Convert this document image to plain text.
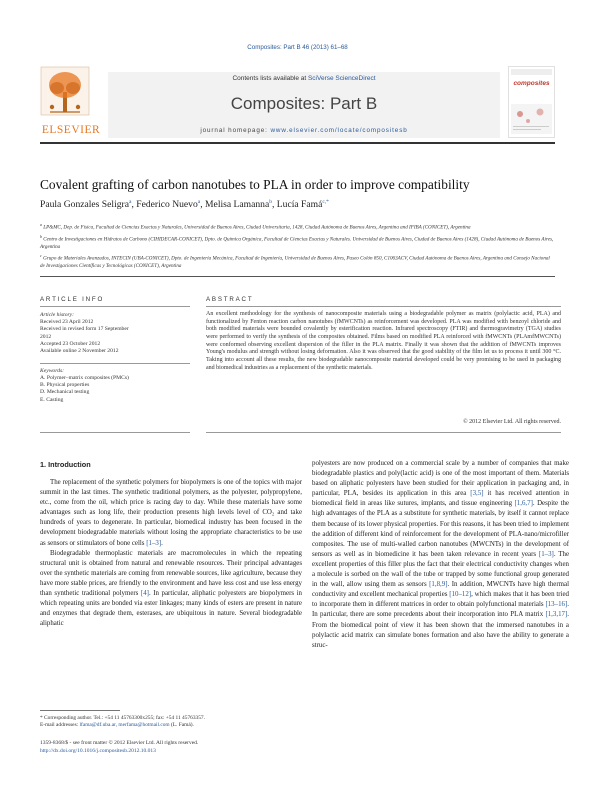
Composites: Part B 46 (2013) 61–68
ELSEVIER
Contents lists available at SciVerse ScienceDirect
Composites: Part B
journal homepage: www.elsevier.com/locate/compositesb
composites
Covalent grafting of carbon nanotubes to PLA in order to improve compatibility
Paula Gonzales Seligra$^a$, Federico Nuevo$^a$, Melisa Lamanna$^b$, Lucía Famá$^{c,*}$
$^a$ LP&MC, Dep. de Física, Facultad de Ciencias Exactas y Naturales, Universidad de Buenos Aires, Ciudad Universitaria, 1428, Ciudad Autónoma de Buenos Aires, Argentina and IFIBA (CONICET), Argentina
$^b$ Centro de Investigaciones en Hidratos de Carbono (CIHIDECAR-CONICET), Dpto. de Química Orgánica, Facultad de Ciencias Exactas y Naturales. Universidad de Buenos Aires, Ciudad de Buenos Aires (1428), Ciudad Autónoma de Buenos Aires, Argentina
$^c$ Grupo de Materiales Avanzados, INTECIN (UBA-CONICET), Dpto. de Ingeniería Mecánica, Facultad de Ingeniería, Universidad de Buenos Aires, Paseo Colón 850, C1063ACV, Ciudad Autónoma de Buenos Aires, Argentina and Consejo Nacional de Investigaciones Científicas y Tecnológicas (CONICET), Argentina
ARTICLE INFO	ABSTRACT
Article history:
Received 23 April 2012
Received in revised form 17 September
2012
Accepted 23 October 2012
Available online 2 November 2012
Keywords:
A. Polymer–matrix composites (PMCs)
B. Physical properties
D. Mechanical testing
E. Casting
An excellent methodology for the synthesis of nanocomposite materials using a biodegradable polymer as matrix (polylactic acid, PLA) and functionalized by Fenton reaction carbon nanotubes (fMWCNTs) as reinforcement was developed. PLA was modified with benzoyl chloride and both modified materials were bounded covalently by esterification reaction. Infrared spectroscopy (FTIR) and thermogravimetry (TGA) studies were performed to verify the synthesis of the composites obtained. Films based on modified PLA reinforced with fMWCNTs (PLAmfMWCNTs) were conformed observing excellent dispersion of the filler in the PLA matrix. Finally it was shown that the addition of fMWCNTs improves Young's modulus and strength without losing deformation. Also it was observed that the good stability of the film let us to process it until 300 °C. Taking into account all these results, the new biodegradable nanocomposite material developed could be very promising to be used in packaging and biomedical industries as a replacement of the synthetic materials.
© 2012 Elsevier Ltd. All rights reserved.
1. Introduction

The replacement of the synthetic polymers for biopolymers is one of the topics with major summit in the last times. The synthetic traditional polymers, as the polyester, polypropylene, etc., come from the oil, which price is racing day to day. While these materials have some advantages such as long life, their production presents high levels level of CO₂ and take hundreds of years to degenerate. In particular, biomedical industry has been focused in the development biodegradable materials without losing the appropriate characteristics to be use as sensors or stimulators of bone cells [1–3].

Biodegradable thermoplastic materials are macromolecules in which the repeating structural unit is obtained from natural and renewable resources. Their principal advantages over the synthetic materials are coming from renewable sources, like agriculture, because they have more stable prices, are friendly to the environment and have less cost and use less energy than synthetic traditional polymers [4]. In particular, aliphatic polyesters are biopolymers in which repeating units are bonded via ester linkages; many kinds of esters are present in nature and enzymes that degrade them, esterases, are ubiquitous in nature. Several biodegradable aliphatic

polyesters are now produced on a commercial scale by a number of companies that make biodegradable plastics and poly(lactic acid) is one of the most important of them. Materials based on aliphatic polyesters have been studied for their application in packaging and, in particular, PLA, besides its application in this area [3,5] it has received attention in biomedical field in areas like sutures, implants, and tissue engineering [1,6,7]. Despite the high advantages of the PLA as a substitute for synthetic materials, by itself it cannot replace them because of its lower physical properties. For this reasons, it has been tried to implement the addition of different kind of reinforcement for the development of PLA-nano/microfiller composites. The use of multi-walled carbon nanotubes (MWCNTs) in the development of sensors as well as in biomedicine it has been taken relevance in recent years [1–3]. The excellent properties of this filler plus the fact that their electrical conductivity changes when a molecule is sorbed on the wall of the tube or trapped by some functional group generated in the wall, allow using them as sensors [1,8,9]. In addition, MWCNTs have high thermal conductivity and excellent mechanical properties [10–12], which makes that it has been tried to incorporate them in different matrices in order to obtain polyfunctional materials [13–16]. In particular, there are some precedents about their incorporation into PLA matrix [1,3,17]. From the biomedical point of view it has been shown that the immersed nanotubes in a polylactic acid matrix can simulate bones formation and also have the ability to generate a struc-

* Corresponding author. Tel.: +54 11 45763300x255; fax: +54 11 45763357.
E-mail addresses: lfama@df.uba.ar, merfama@hotmail.com (L. Famá).
1359-8368/$ - see front matter © 2012 Elsevier Ltd. All rights reserved.
http://dx.doi.org/10.1016/j.compositesb.2012.10.013
